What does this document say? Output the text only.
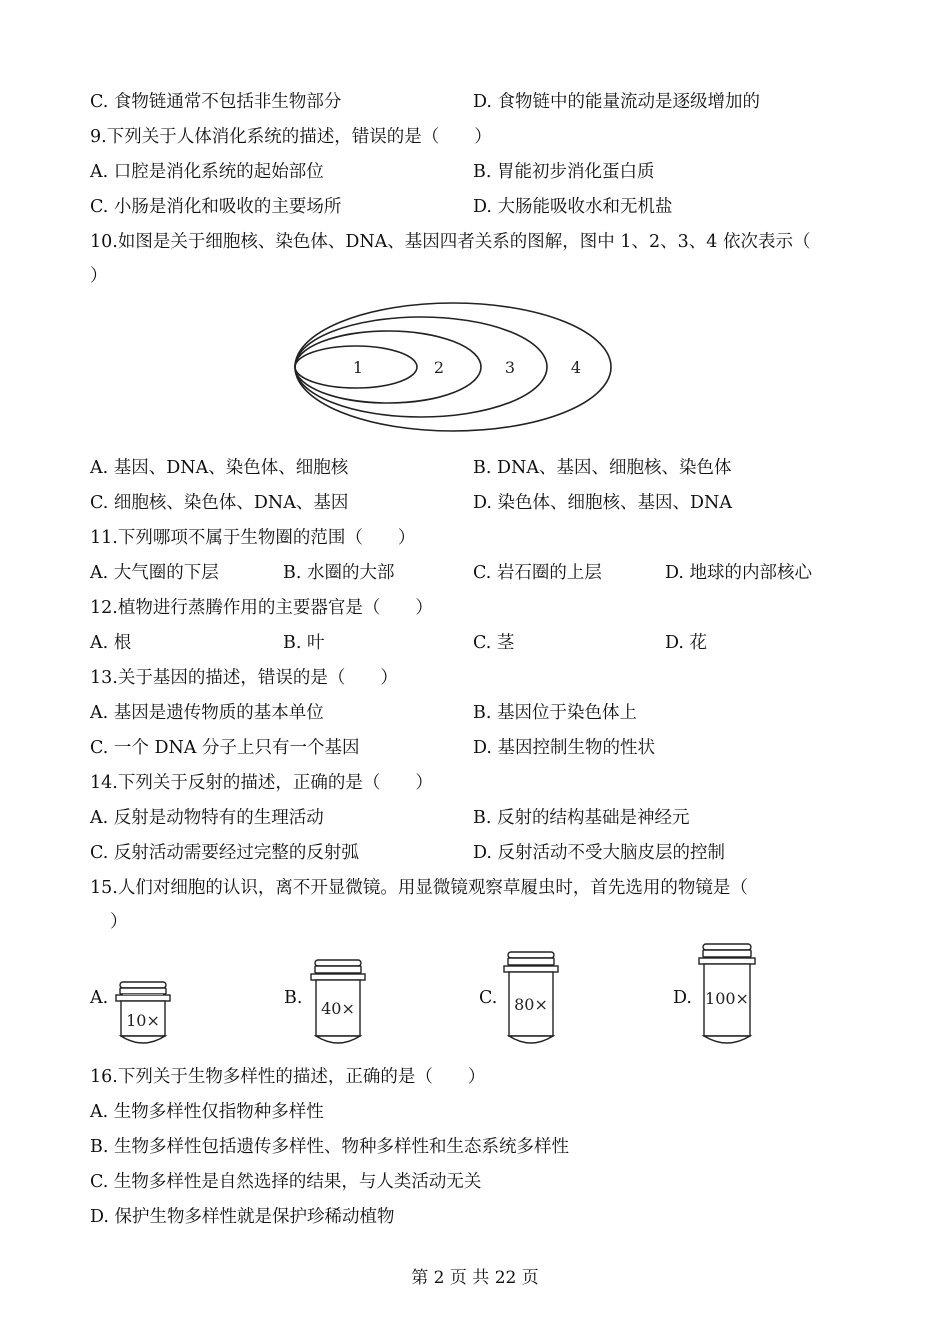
C. 食物链通常不包括非生物部分	D. 食物链中的能量流动是逐级增加的
9.下列关于人体消化系统的描述，错误的是（　　）
A. 口腔是消化系统的起始部位	B. 胃能初步消化蛋白质
C. 小肠是消化和吸收的主要场所	D. 大肠能吸收水和无机盐
10.如图是关于细胞核、染色体、DNA、基因四者关系的图解，图中 1、2、3、4 依次表示（
）
1	2	3	4
A. 基因、DNA、染色体、细胞核	B. DNA、基因、细胞核、染色体
C. 细胞核、染色体、DNA、基因	D. 染色体、细胞核、基因、DNA
11.下列哪项不属于生物圈的范围（　　）
A. 大气圈的下层	B. 水圈的大部	C. 岩石圈的上层	D. 地球的内部核心
12.植物进行蒸腾作用的主要器官是（　　）
A. 根	B. 叶	C. 茎	D. 花
13.关于基因的描述，错误的是（　　）
A. 基因是遗传物质的基本单位	B. 基因位于染色体上
C. 一个 DNA 分子上只有一个基因	D. 基因控制生物的性状
14.下列关于反射的描述，正确的是（　　）
A. 反射是动物特有的生理活动	B. 反射的结构基础是神经元
C. 反射活动需要经过完整的反射弧	D. 反射活动不受大脑皮层的控制
15.人们对细胞的认识，离不开显微镜。用显微镜观察草履虫时，首先选用的物镜是（
）
A.
10×
B.
40×
C. 80×	D. 100×
16.下列关于生物多样性的描述，正确的是（　　）
A. 生物多样性仅指物种多样性
B. 生物多样性包括遗传多样性、物种多样性和生态系统多样性
C. 生物多样性是自然选择的结果，与人类活动无关
D. 保护生物多样性就是保护珍稀动植物
第 2 页 共 22 页
